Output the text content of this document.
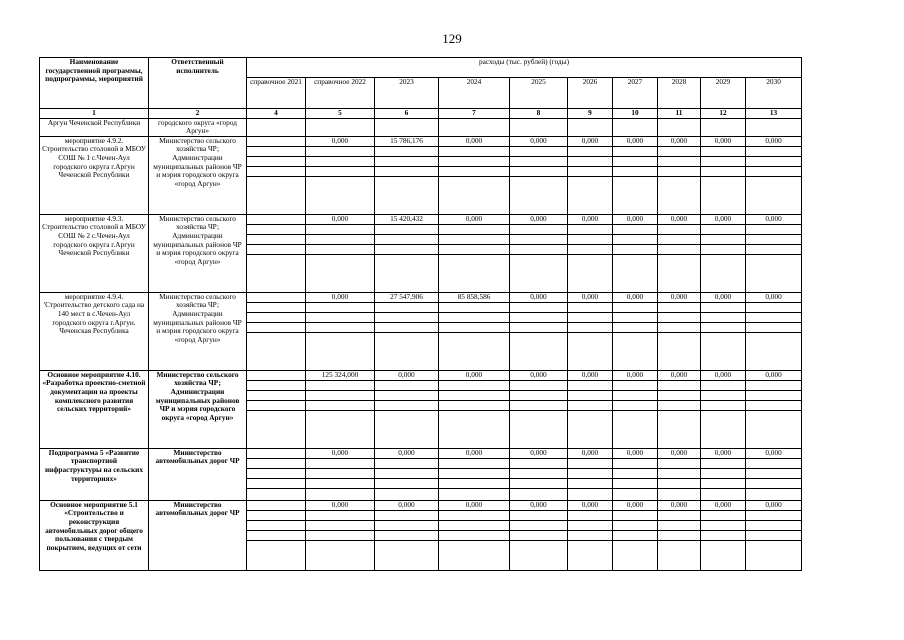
129
Наименование государственной программы, подпрограммы, мероприятий	Ответственный исполнитель	расходы (тыс. рублей) (годы)									
		справочное 2021	справочное 2022	2023	2024	2025	2026	2027	2028	2029	2030
1	2	4	5	6	7	8	9	10	11	12	13
Аргун Чеченской Республики	городского округа «город Аргун»										
мероприятие 4.9.2. Строительство столовой в МБОУ СОШ № 1 с.Чечен-Аул городского округа г.Аргун Чеченской Республики	Министерство сельского хозяйства ЧР; Администрации муниципальных районов ЧР и мэрия городского округа «город Аргун»		0,000	15 786,176	0,000	0,000	0,000	0,000	0,000	0,000	0,000

мероприятие 4.9.3. Строительство столовой в МБОУ СОШ № 2 с.Чечен-Аул городского округа г.Аргун Чеченской Республики	Министерство сельского хозяйства ЧР; Администрации муниципальных районов ЧР и мэрия городского округа «город Аргун»		0,000	15 420,432	0,000	0,000	0,000	0,000	0,000	0,000	0,000

мероприятие 4.9.4. 'Строительство детского сада на 140 мест в с.Чечен-Аул городского округа г.Аргун. Чеченская Республика	Министерство сельского хозяйства ЧР; Администрации муниципальных районов ЧР и мэрия городского округа «город Аргун»		0,000	27 547,906	85 858,586	0,000	0,000	0,000	0,000	0,000	0,000

Основное мероприятие 4.10. «Разработка проектно-сметной документации на проекты комплексного развития сельских территорий»	Министерство сельского хозяйства ЧР; Администрации муниципальных районов ЧР и мэрия городского округа «город Аргун»		125 324,000	0,000	0,000	0,000	0,000	0,000	0,000	0,000	0,000

Подпрограмма 5 «Развитие транспортной инфраструктуры на сельских территориях»	Министерство автомобильных дорог ЧР		0,000	0,000	0,000	0,000	0,000	0,000	0,000	0,000	0,000

Основное мероприятие 5.1 «Строительство и реконструкция автомобильных дорог общего пользования с твердым покрытием, ведущих от сети	Министерство автомобильных дорог ЧР		0,000	0,000	0,000	0,000	0,000	0,000	0,000	0,000	0,000
